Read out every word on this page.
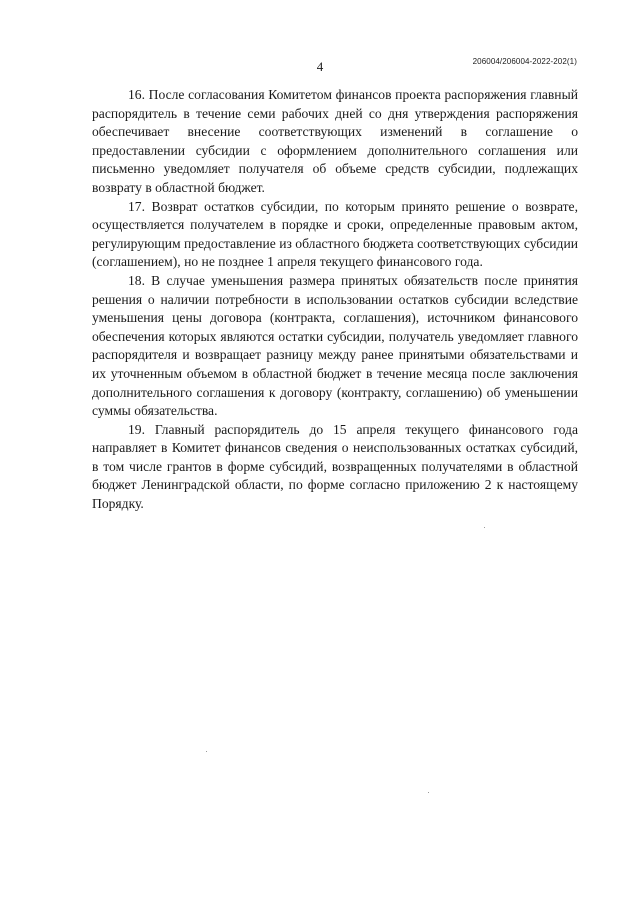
4	206004/206004-2022-202(1)

16. После согласования Комитетом финансов проекта распоряжения главный распорядитель в течение семи рабочих дней со дня утверждения распоряжения обеспечивает внесение соответствующих изменений в соглашение о предоставлении субсидии с оформлением дополнительного соглашения или письменно уведомляет получателя об объеме средств субсидии, подлежащих возврату в областной бюджет.

17. Возврат остатков субсидии, по которым принято решение о возврате, осуществляется получателем в порядке и сроки, определенные правовым актом, регулирующим предоставление из областного бюджета соответствующих субсидии (соглашением), но не позднее 1 апреля текущего финансового года.

18. В случае уменьшения размера принятых обязательств после принятия решения о наличии потребности в использовании остатков субсидии вследствие уменьшения цены договора (контракта, соглашения), источником финансового обеспечения которых являются остатки субсидии, получатель уведомляет главного распорядителя и возвращает разницу между ранее принятыми обязательствами и их уточненным объемом в областной бюджет в течение месяца после заключения дополнительного соглашения к договору (контракту, соглашению) об уменьшении суммы обязательства.

19. Главный распорядитель до 15 апреля текущего финансового года направляет в Комитет финансов сведения о неиспользованных остатках субсидий, в том числе грантов в форме субсидий, возвращенных получателями в областной бюджет Ленинградской области, по форме согласно приложению 2 к настоящему Порядку.
